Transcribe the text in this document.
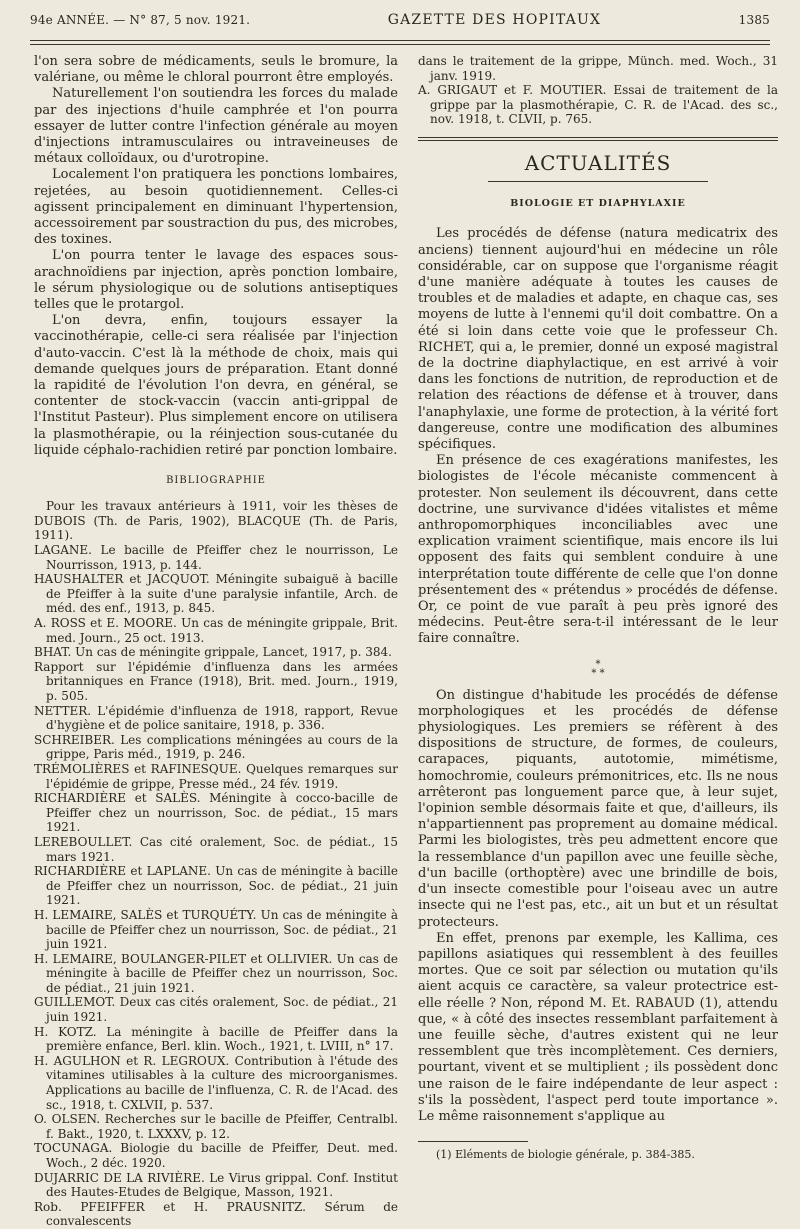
94e ANNÉE. — N° 87, 5 nov. 1921.	GAZETTE DES HOPITAUX	1385

l'on sera sobre de médicaments, seuls le bromure, la valériane, ou même le chloral pourront être employés.

Naturellement l'on soutiendra les forces du malade par des injections d'huile camphrée et l'on pourra essayer de lutter contre l'infection générale au moyen d'injections intramusculaires ou intraveineuses de métaux colloïdaux, ou d'urotropine.

Localement l'on pratiquera les ponctions lombaires, rejetées, au besoin quotidiennement. Celles-ci agissent principalement en diminuant l'hypertension, accessoirement par soustraction du pus, des microbes, des toxines.

L'on pourra tenter le lavage des espaces sous-arachnoïdiens par injection, après ponction lombaire, le sérum physiologique ou de solutions antiseptiques telles que le protargol.

L'on devra, enfin, toujours essayer la vaccinothérapie, celle-ci sera réalisée par l'injection d'auto-vaccin. C'est là la méthode de choix, mais qui demande quelques jours de préparation. Etant donné la rapidité de l'évolution l'on devra, en général, se contenter de stock-vaccin (vaccin anti-grippal de l'Institut Pasteur). Plus simplement encore on utilisera la plasmothérapie, ou la réinjection sous-cutanée du liquide céphalo-rachidien retiré par ponction lombaire.

BIBLIOGRAPHIE

Pour les travaux antérieurs à 1911, voir les thèses de DUBOIS (Th. de Paris, 1902), BLACQUE (Th. de Paris, 1911).

LAGANE. Le bacille de Pfeiffer chez le nourrisson, Le Nourrisson, 1913, p. 144.

HAUSHALTER et JACQUOT. Méningite subaiguë à bacille de Pfeiffer à la suite d'une paralysie infantile, Arch. de méd. des enf., 1913, p. 845.

A. ROSS et E. MOORE. Un cas de méningite grippale, Brit. med. Journ., 25 oct. 1913.

BHAT. Un cas de méningite grippale, Lancet, 1917, p. 384.

Rapport sur l'épidémie d'influenza dans les armées britanniques en France (1918), Brit. med. Journ., 1919, p. 505.

NETTER. L'épidémie d'influenza de 1918, rapport, Revue d'hygiène et de police sanitaire, 1918, p. 336.

SCHREIBER. Les complications méningées au cours de la grippe, Paris méd., 1919, p. 246.

TRÉMOLIÈRES et RAFINESQUE. Quelques remarques sur l'épidémie de grippe, Presse méd., 24 fév. 1919.

RICHARDIÈRE et SALÈS. Méningite à cocco-bacille de Pfeiffer chez un nourrisson, Soc. de pédiat., 15 mars 1921.

LEREBOULLET. Cas cité oralement, Soc. de pédiat., 15 mars 1921.

RICHARDIÈRE et LAPLANE. Un cas de méningite à bacille de Pfeiffer chez un nourrisson, Soc. de pédiat., 21 juin 1921.

H. LEMAIRE, SALÈS et TURQUÉTY. Un cas de méningite à bacille de Pfeiffer chez un nourrisson, Soc. de pédiat., 21 juin 1921.

H. LEMAIRE, BOULANGER-PILET et OLLIVIER. Un cas de méningite à bacille de Pfeiffer chez un nourrisson, Soc. de pédiat., 21 juin 1921.

GUILLEMOT. Deux cas cités oralement, Soc. de pédiat., 21 juin 1921.

H. KOTZ. La méningite à bacille de Pfeiffer dans la première enfance, Berl. klin. Woch., 1921, t. LVIII, n° 17.

H. AGULHON et R. LEGROUX. Contribution à l'étude des vitamines utilisables à la culture des microorganismes. Applications au bacille de l'influenza, C. R. de l'Acad. des sc., 1918, t. CXLVII, p. 537.

O. OLSEN. Recherches sur le bacille de Pfeiffer, Centralbl. f. Bakt., 1920, t. LXXXV, p. 12.

TOCUNAGA. Biologie du bacille de Pfeiffer, Deut. med. Woch., 2 déc. 1920.

DUJARRIC DE LA RIVIÈRE. Le Virus grippal. Conf. Institut des Hautes-Etudes de Belgique, Masson, 1921.

Rob. PFEIFFER et H. PRAUSNITZ. Sérum de convalescents

dans le traitement de la grippe, Münch. med. Woch., 31 janv. 1919.

A. GRIGAUT et F. MOUTIER. Essai de traitement de la grippe par la plasmothérapie, C. R. de l'Acad. des sc., nov. 1918, t. CLVII, p. 765.

ACTUALITÉS
BIOLOGIE ET DIAPHYLAXIE

Les procédés de défense (natura medicatrix des anciens) tiennent aujourd'hui en médecine un rôle considérable, car on suppose que l'organisme réagit d'une manière adéquate à toutes les causes de troubles et de maladies et adapte, en chaque cas, ses moyens de lutte à l'ennemi qu'il doit combattre. On a été si loin dans cette voie que le professeur Ch. RICHET, qui a, le premier, donné un exposé magistral de la doctrine diaphylactique, en est arrivé à voir dans les fonctions de nutrition, de reproduction et de relation des réactions de défense et à trouver, dans l'anaphylaxie, une forme de protection, à la vérité fort dangereuse, contre une modification des albumines spécifiques.

En présence de ces exagérations manifestes, les biologistes de l'école mécaniste commencent à protester. Non seulement ils découvrent, dans cette doctrine, une survivance d'idées vitalistes et même anthropomorphiques inconciliables avec une explication vraiment scientifique, mais encore ils lui opposent des faits qui semblent conduire à une interprétation toute différente de celle que l'on donne présentement des « prétendus » procédés de défense. Or, ce point de vue paraît à peu près ignoré des médecins. Peut-être sera-t-il intéressant de le leur faire connaître.

*
* *

On distingue d'habitude les procédés de défense morphologiques et les procédés de défense physiologiques. Les premiers se réfèrent à des dispositions de structure, de formes, de couleurs, carapaces, piquants, autotomie, mimétisme, homochromie, couleurs prémonitrices, etc. Ils ne nous arrêteront pas longuement parce que, à leur sujet, l'opinion semble désormais faite et que, d'ailleurs, ils n'appartiennent pas proprement au domaine médical. Parmi les biologistes, très peu admettent encore que la ressemblance d'un papillon avec une feuille sèche, d'un bacille (orthoptère) avec une brindille de bois, d'un insecte comestible pour l'oiseau avec un autre insecte qui ne l'est pas, etc., ait un but et un résultat protecteurs.

En effet, prenons par exemple, les Kallima, ces papillons asiatiques qui ressemblent à des feuilles mortes. Que ce soit par sélection ou mutation qu'ils aient acquis ce caractère, sa valeur protectrice est-elle réelle ? Non, répond M. Et. RABAUD (1), attendu que, « à côté des insectes ressemblant parfaitement à une feuille sèche, d'autres existent qui ne leur ressemblent que très incomplètement. Ces derniers, pourtant, vivent et se multiplient ; ils possèdent donc une raison de le faire indépendante de leur aspect : s'ils la possèdent, l'aspect perd toute importance ». Le même raisonnement s'applique au

(1) Eléments de biologie générale, p. 384-385.
